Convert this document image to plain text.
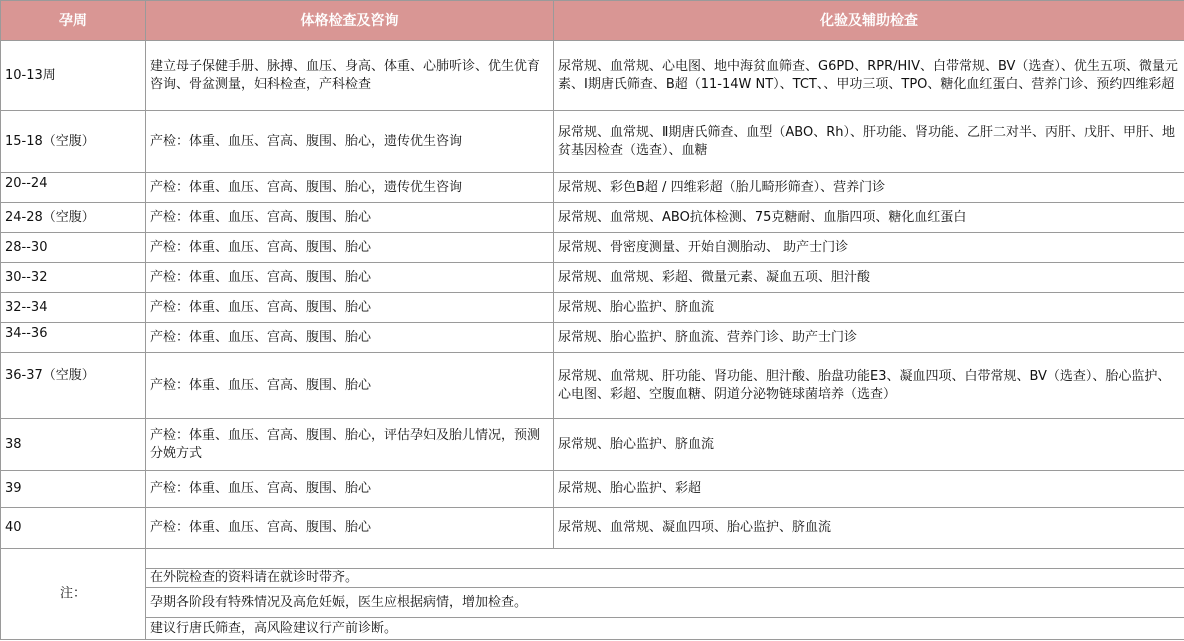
孕周	体格检查及咨询	化验及辅助检查
10-13周	建立母子保健手册、脉搏、血压、身高、体重、心肺听诊、优生优育咨询、骨盆测量，妇科检查，产科检查	尿常规、血常规、心电图、地中海贫血筛查、G6PD、RPR/HIV、白带常规、BV（选查）、优生五项、微量元素、Ⅰ期唐氏筛查、B超（11-14W NT）、TCT、、甲功三项、TPO、糖化血红蛋白、营养门诊、预约四维彩超
15-18（空腹）	产检：体重、血压、宫高、腹围、胎心，遗传优生咨询	尿常规、血常规、Ⅱ期唐氏筛查、血型（ABO、Rh）、肝功能、肾功能、乙肝二对半、丙肝、戊肝、甲肝、地贫基因检查（选查）、血糖
20--24	产检：体重、血压、宫高、腹围、胎心，遗传优生咨询	尿常规、彩色B超 / 四维彩超（胎儿畸形筛查）、营养门诊
24-28（空腹）	产检：体重、血压、宫高、腹围、胎心	尿常规、血常规、ABO抗体检测、75克糖耐、血脂四项、糖化血红蛋白
28--30	产检：体重、血压、宫高、腹围、胎心	尿常规、骨密度测量、开始自测胎动、 助产士门诊
30--32	产检：体重、血压、宫高、腹围、胎心	尿常规、血常规、彩超、微量元素、凝血五项、胆汁酸
32--34	产检：体重、血压、宫高、腹围、胎心	尿常规、胎心监护、脐血流
34--36	产检：体重、血压、宫高、腹围、胎心	尿常规、胎心监护、脐血流、营养门诊、助产士门诊
36-37（空腹）	产检：体重、血压、宫高、腹围、胎心	尿常规、血常规、肝功能、肾功能、胆汁酸、胎盘功能E3、凝血四项、白带常规、BV（选查）、胎心监护、心电图、彩超、空腹血糖、阴道分泌物链球菌培养（选查）
38	产检：体重、血压、宫高、腹围、胎心，评估孕妇及胎儿情况，预测分娩方式	尿常规、胎心监护、脐血流
39	产检：体重、血压、宫高、腹围、胎心	尿常规、胎心监护、彩超
40	产检：体重、血压、宫高、腹围、胎心	尿常规、血常规、凝血四项、胎心监护、脐血流
注：		
	在外院检查的资料请在就诊时带齐。	
	孕期各阶段有特殊情况及高危妊娠，医生应根据病情，增加检查。	
	建议行唐氏筛查，高风险建议行产前诊断。	
